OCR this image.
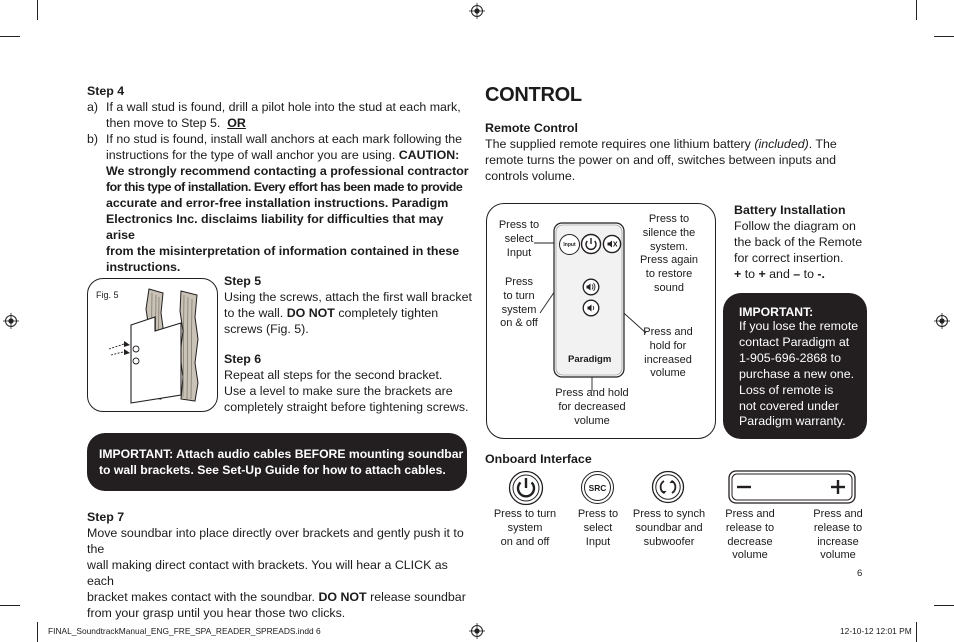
Step 4
a) If a wall stud is found, drill a pilot hole into the stud at each mark,
then move to Step 5. OR
b) If no stud is found, install wall anchors at each mark following the
instructions for the type of wall anchor you are using. CAUTION:
We strongly recommend contacting a professional contractor
for this type of installation. Every effort has been made to provide
accurate and error-free installation instructions. Paradigm
Electronics Inc. disclaims liability for difficulties that may arise
from the misinterpretation of information contained in these
instructions.
Fig. 5
Step 5
Using the screws, attach the first wall bracket
to the wall. DO NOT completely tighten
screws (Fig. 5).
Step 6
Repeat all steps for the second bracket.
Use a level to make sure the brackets are
completely straight before tightening screws.
IMPORTANT: Attach audio cables BEFORE mounting soundbar
to wall brackets. See Set-Up Guide for how to attach cables.
Step 7
Move soundbar into place directly over brackets and gently push it to the
wall making direct contact with brackets. You will hear a CLICK as each
bracket makes contact with the soundbar. DO NOT release soundbar
from your grasp until you hear those two clicks.
CONTROL
Remote Control
The supplied remote requires one lithium battery (included). The
remote turns the power on and off, switches between inputs and
controls volume.
Input
Paradigm
Press to
select
Input
Press
to turn
system
on & off
Press to
silence the
system.
Press again
to restore
sound
Press and
hold for
increased
volume
Press and hold
for decreased
volume
Battery Installation
Follow the diagram on
the back of the Remote
for correct insertion.
+ to + and – to -.
IMPORTANT:
If you lose the remote
contact Paradigm at
1-905-696-2868 to
purchase a new one.
Loss of remote is
not covered under
Paradigm warranty.
Onboard Interface
SRC
Press to turn
system
on and off
Press to
select
Input
Press to synch
soundbar and
subwoofer
Press and
release to
decrease
volume
Press and
release to
increase
volume
6
FINAL_SoundtrackManual_ENG_FRE_SPA_READER_SPREADS.indd 6	12-10-12 12:01 PM
